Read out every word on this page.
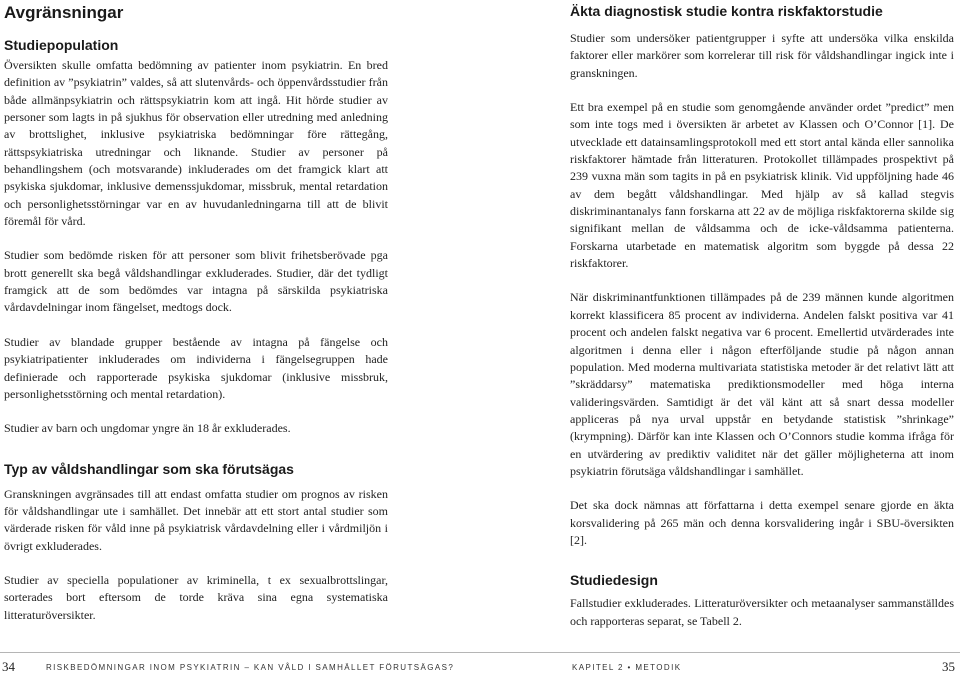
Avgränsningar
Studiepopulation

Översikten skulle omfatta bedömning av patienter inom psykiatrin. En bred definition av ”psykiatrin” valdes, så att slutenvårds- och öppenvårdsstudier från både allmänpsykiatrin och rättspsykiatrin kom att ingå. Hit hörde studier av personer som lagts in på sjukhus för observation eller utredning med anledning av brottslighet, inklusive psykiatriska bedömningar före rättegång, rättspsykiatriska utredningar och liknande. Studier av personer på behandlingshem (och motsvarande) inkluderades om det framgick klart att psykiska sjukdomar, inklusive demenssjukdomar, missbruk, mental retardation och personlighetsstörningar var en av huvudanledningarna till att de blivit föremål för vård.

Studier som bedömde risken för att personer som blivit frihetsberövade pga brott generellt ska begå våldshandlingar exkluderades. Studier, där det tydligt framgick att de som bedömdes var intagna på särskilda psykiatriska vårdavdelningar inom fängelset, medtogs dock.

Studier av blandade grupper bestående av intagna på fängelse och psykiatripatienter inkluderades om individerna i fängelsegruppen hade definierade och rapporterade psykiska sjukdomar (inklusive missbruk, personlighetsstörning och mental retardation).

Studier av barn och ungdomar yngre än 18 år exkluderades.

Typ av våldshandlingar som ska förutsägas

Granskningen avgränsades till att endast omfatta studier om prognos av risken för våldshandlingar ute i samhället. Det innebär att ett stort antal studier som värderade risken för våld inne på psykiatrisk vårdavdelning eller i vårdmiljön i övrigt exkluderades.

Studier av speciella populationer av kriminella, t ex sexualbrottslingar, sorterades bort eftersom de torde kräva sina egna systematiska litteraturöversikter.

Äkta diagnostisk studie kontra riskfaktorstudie

Studier som undersöker patientgrupper i syfte att undersöka vilka enskilda faktorer eller markörer som korrelerar till risk för våldshandlingar ingick inte i granskningen.

Ett bra exempel på en studie som genomgående använder ordet ”predict” men som inte togs med i översikten är arbetet av Klassen och O’Connor [1]. De utvecklade ett datainsamlingsprotokoll med ett stort antal kända eller sannolika riskfaktorer hämtade från litteraturen. Protokollet tillämpades prospektivt på 239 vuxna män som tagits in på en psykiatrisk klinik. Vid uppföljning hade 46 av dem begått våldshandlingar. Med hjälp av så kallad stegvis diskriminantanalys fann forskarna att 22 av de möjliga riskfaktorerna skilde sig signifikant mellan de våldsamma och de icke-våldsamma patienterna. Forskarna utarbetade en matematisk algoritm som byggde på dessa 22 riskfaktorer.

När diskriminantfunktionen tillämpades på de 239 männen kunde algoritmen korrekt klassificera 85 procent av individerna. Andelen falskt positiva var 41 procent och andelen falskt negativa var 6 procent. Emellertid utvärderades inte algoritmen i denna eller i någon efterföljande studie på någon annan population. Med moderna multivariata statistiska metoder är det relativt lätt att ”skräddarsy” matematiska prediktionsmodeller med höga interna valideringsvärden. Samtidigt är det väl känt att så snart dessa modeller appliceras på nya urval uppstår en betydande statistisk ”shrinkage” (krympning). Därför kan inte Klassen och O’Connors studie komma ifråga för en utvärdering av prediktiv validitet när det gäller möjligheterna att inom psykiatrin förutsäga våldshandlingar i samhället.

Det ska dock nämnas att författarna i detta exempel senare gjorde en äkta korsvalidering på 265 män och denna korsvalidering ingår i SBU-översikten [2].

Studiedesign

Fallstudier exkluderades. Litteraturöversikter och metaanalyser sammanställdes och rapporteras separat, se Tabell 2.

34	RISKBEDÖMNINGAR INOM PSYKIATRIN – KAN VÅLD I SAMHÄLLET FÖRUTSÄGAS?	KAPITEL 2 • METODIK	35
